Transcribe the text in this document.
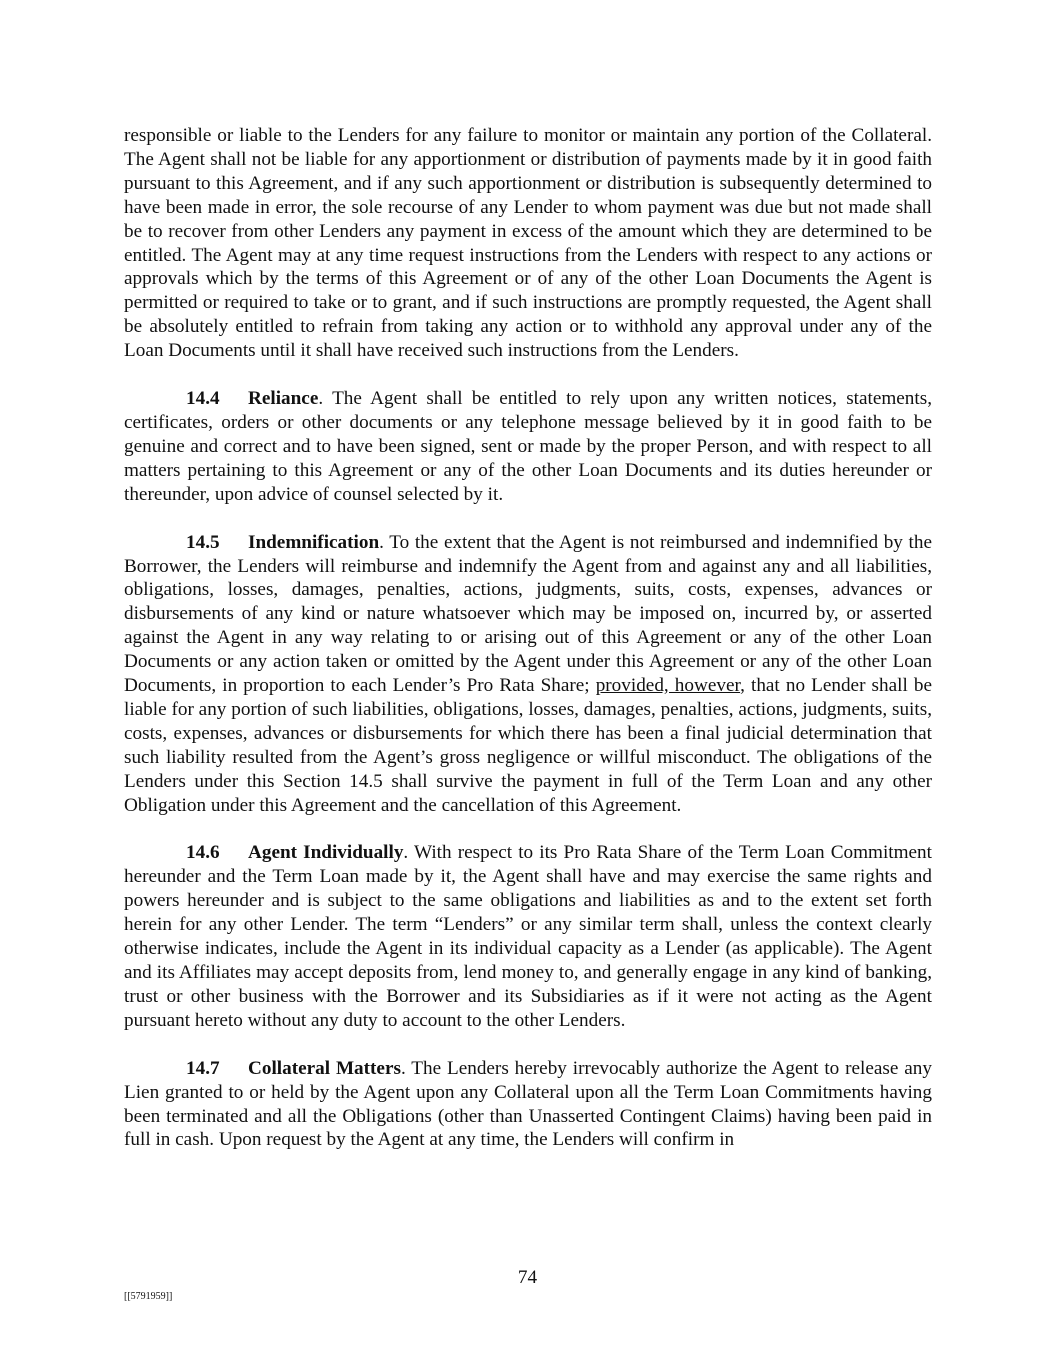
responsible or liable to the Lenders for any failure to monitor or maintain any portion of the Collateral. The Agent shall not be liable for any apportionment or distribution of payments made by it in good faith pursuant to this Agreement, and if any such apportionment or distribution is subsequently determined to have been made in error, the sole recourse of any Lender to whom payment was due but not made shall be to recover from other Lenders any payment in excess of the amount which they are determined to be entitled. The Agent may at any time request instructions from the Lenders with respect to any actions or approvals which by the terms of this Agreement or of any of the other Loan Documents the Agent is permitted or required to take or to grant, and if such instructions are promptly requested, the Agent shall be absolutely entitled to refrain from taking any action or to withhold any approval under any of the Loan Documents until it shall have received such instructions from the Lenders.

14.4 Reliance. The Agent shall be entitled to rely upon any written notices, statements, certificates, orders or other documents or any telephone message believed by it in good faith to be genuine and correct and to have been signed, sent or made by the proper Person, and with respect to all matters pertaining to this Agreement or any of the other Loan Documents and its duties hereunder or thereunder, upon advice of counsel selected by it.

14.5 Indemnification. To the extent that the Agent is not reimbursed and indemnified by the Borrower, the Lenders will reimburse and indemnify the Agent from and against any and all liabilities, obligations, losses, damages, penalties, actions, judgments, suits, costs, expenses, advances or disbursements of any kind or nature whatsoever which may be imposed on, incurred by, or asserted against the Agent in any way relating to or arising out of this Agreement or any of the other Loan Documents or any action taken or omitted by the Agent under this Agreement or any of the other Loan Documents, in proportion to each Lender’s Pro Rata Share; provided, however, that no Lender shall be liable for any portion of such liabilities, obligations, losses, damages, penalties, actions, judgments, suits, costs, expenses, advances or disbursements for which there has been a final judicial determination that such liability resulted from the Agent’s gross negligence or willful misconduct. The obligations of the Lenders under this Section 14.5 shall survive the payment in full of the Term Loan and any other Obligation under this Agreement and the cancellation of this Agreement.

14.6 Agent Individually. With respect to its Pro Rata Share of the Term Loan Commitment hereunder and the Term Loan made by it, the Agent shall have and may exercise the same rights and powers hereunder and is subject to the same obligations and liabilities as and to the extent set forth herein for any other Lender. The term “Lenders” or any similar term shall, unless the context clearly otherwise indicates, include the Agent in its individual capacity as a Lender (as applicable). The Agent and its Affiliates may accept deposits from, lend money to, and generally engage in any kind of banking, trust or other business with the Borrower and its Subsidiaries as if it were not acting as the Agent pursuant hereto without any duty to account to the other Lenders.

14.7 Collateral Matters. The Lenders hereby irrevocably authorize the Agent to release any Lien granted to or held by the Agent upon any Collateral upon all the Term Loan Commitments having been terminated and all the Obligations (other than Unasserted Contingent Claims) having been paid in full in cash. Upon request by the Agent at any time, the Lenders will confirm in

74
[[5791959]]
